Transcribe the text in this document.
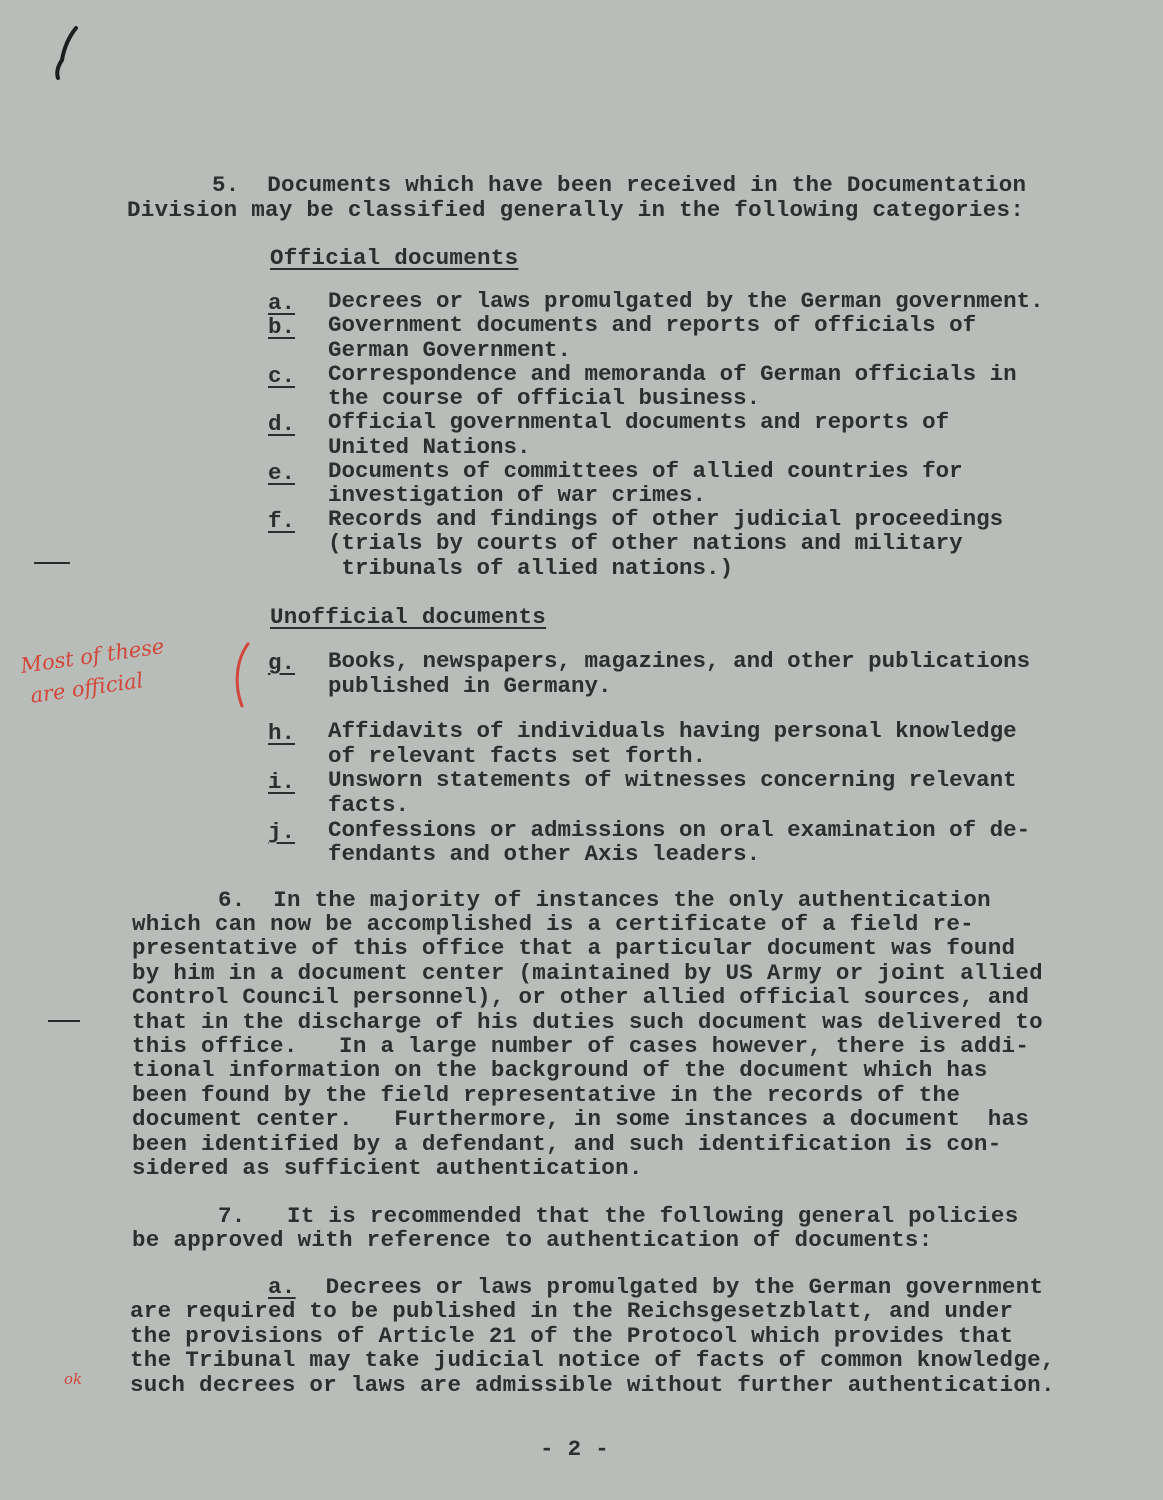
5.  Documents which have been received in the Documentation
Division may be classified generally in the following categories:
Official documents
a. Decrees or laws promulgated by the German government.
b. Government documents and reports of officials of
German Government.
c. Correspondence and memoranda of German officials in
the course of official business.
d. Official governmental documents and reports of
United Nations.
e. Documents of committees of allied countries for
investigation of war crimes.
f. Records and findings of other judicial proceedings
(trials by courts of other nations and military
tribunals of allied nations.)
Unofficial documents
Most of these
are official
g. Books, newspapers, magazines, and other publications
published in Germany.
h. Affidavits of individuals having personal knowledge
of relevant facts set forth.
i. Unsworn statements of witnesses concerning relevant
facts.
j. Confessions or admissions on oral examination of de-
fendants and other Axis leaders.
6.  In the majority of instances the only authentication
which can now be accomplished is a certificate of a field re-
presentative of this office that a particular document was found
by him in a document center (maintained by US Army or joint allied
Control Council personnel), or other allied official sources, and
that in the discharge of his duties such document was delivered to
this office.   In a large number of cases however, there is addi-
tional information on the background of the document which has
been found by the field representative in the records of the
document center.   Furthermore, in some instances a document  has
been identified by a defendant, and such identification is con-
sidered as sufficient authentication.
7.   It is recommended that the following general policies
be approved with reference to authentication of documents:
a. Decrees or laws promulgated by the German government
are required to be published in the Reichsgesetzblatt, and under
the provisions of Article 21 of the Protocol which provides that
the Tribunal may take judicial notice of facts of common knowledge,
such decrees or laws are admissible without further authentication.
ok
- 2 -
